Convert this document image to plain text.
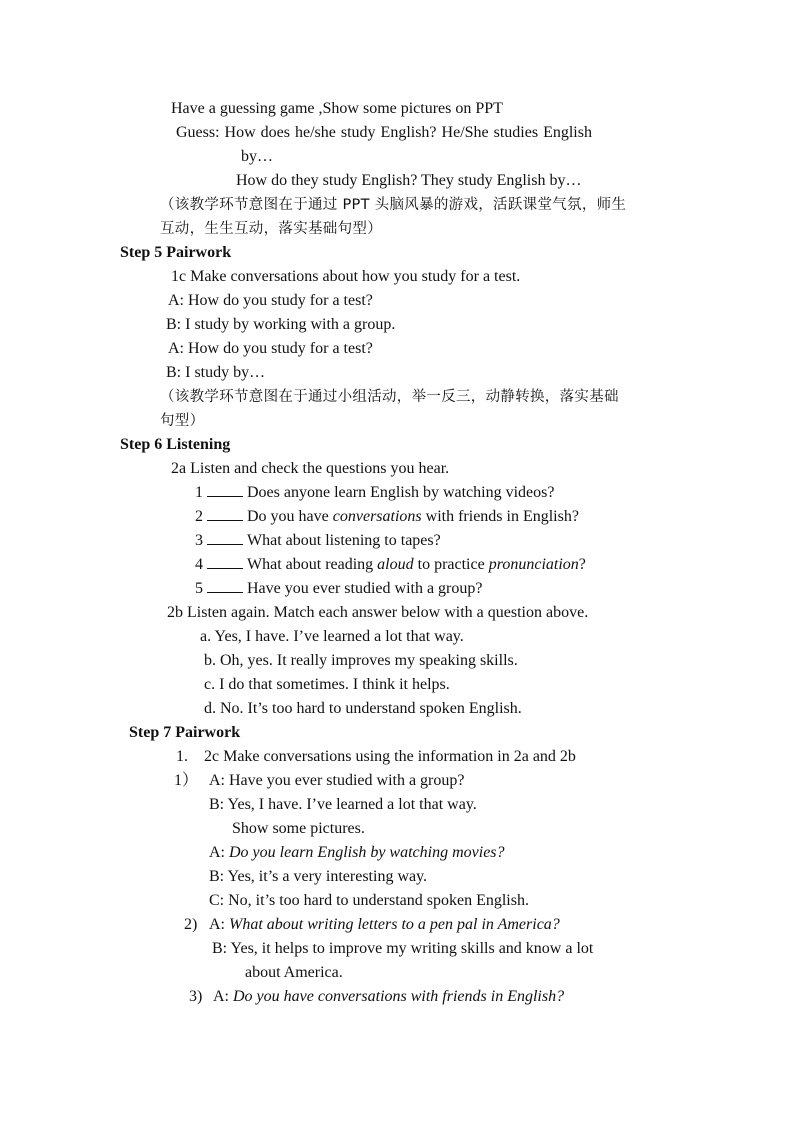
Have a guessing game ,Show some pictures on PPT
Guess: How does he/she study English? He/She studies English
by…
How do they study English? They study English by…
（该教学环节意图在于通过 PPT 头脑风暴的游戏，活跃课堂气氛，师生
互动，生生互动，落实基础句型）
Step 5 Pairwork
1c Make conversations about how you study for a test.
A: How do you study for a test?
B: I study by working with a group.
A: How do you study for a test?
B: I study by…
（该教学环节意图在于通过小组活动，举一反三，动静转换，落实基础
句型）
Step 6 Listening
2a Listen and check the questions you hear.
1	Does anyone learn English by watching videos?
2	Do you have conversations with friends in English?
3	What about listening to tapes?
4	What about reading aloud to practice pronunciation?
5	Have you ever studied with a group?
2b Listen again. Match each answer below with a question above.
a. Yes, I have. I’ve learned a lot that way.
b. Oh, yes. It really improves my speaking skills.
c. I do that sometimes. I think it helps.
d. No. It’s too hard to understand spoken English.
Step 7 Pairwork
1. 2c Make conversations using the information in 2a and 2b
1） A: Have you ever studied with a group?
B: Yes, I have. I’ve learned a lot that way.
Show some pictures.
A: Do you learn English by watching movies?
B: Yes, it’s a very interesting way.
C: No, it’s too hard to understand spoken English.
2) A: What about writing letters to a pen pal in America?
B: Yes, it helps to improve my writing skills and know a lot
about America.
3) A: Do you have conversations with friends in English?
